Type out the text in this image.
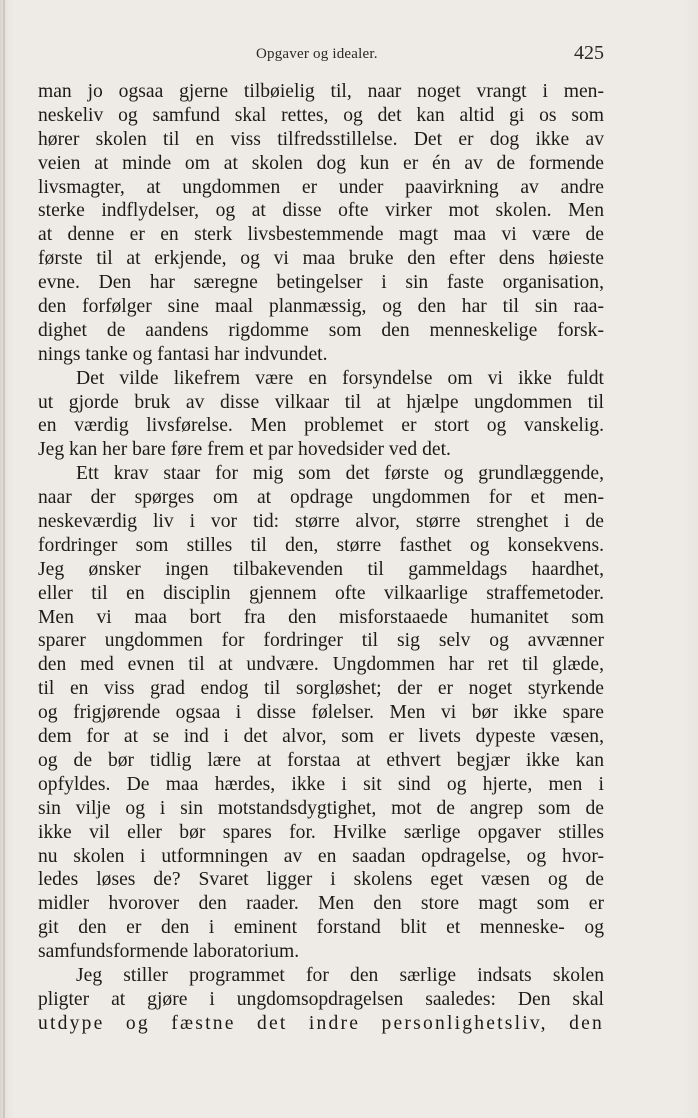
Opgaver og idealer.	425
man jo ogsaa gjerne tilbøielig til, naar noget vrangt i men-
neskeliv og samfund skal rettes, og det kan altid gi os som
hører skolen til en viss tilfredsstillelse. Det er dog ikke av
veien at minde om at skolen dog kun er én av de formende
livsmagter, at ungdommen er under paavirkning av andre
sterke indflydelser, og at disse ofte virker mot skolen. Men
at denne er en sterk livsbestemmende magt maa vi være de
første til at erkjende, og vi maa bruke den efter dens høieste
evne. Den har særegne betingelser i sin faste organisation,
den forfølger sine maal planmæssig, og den har til sin raa-
dighet de aandens rigdomme som den menneskelige forsk-
nings tanke og fantasi har indvundet.
Det vilde likefrem være en forsyndelse om vi ikke fuldt
ut gjorde bruk av disse vilkaar til at hjælpe ungdommen til
en værdig livsførelse. Men problemet er stort og vanskelig.
Jeg kan her bare føre frem et par hovedsider ved det.
Ett krav staar for mig som det første og grundlæggende,
naar der spørges om at opdrage ungdommen for et men-
neskeværdig liv i vor tid: større alvor, større strenghet i de
fordringer som stilles til den, større fasthet og konsekvens.
Jeg ønsker ingen tilbakevenden til gammeldags haardhet,
eller til en disciplin gjennem ofte vilkaarlige straffemetoder.
Men vi maa bort fra den misforstaaede humanitet som
sparer ungdommen for fordringer til sig selv og avvænner
den med evnen til at undvære. Ungdommen har ret til glæde,
til en viss grad endog til sorgløshet; der er noget styrkende
og frigjørende ogsaa i disse følelser. Men vi bør ikke spare
dem for at se ind i det alvor, som er livets dypeste væsen,
og de bør tidlig lære at forstaa at ethvert begjær ikke kan
opfyldes. De maa hærdes, ikke i sit sind og hjerte, men i
sin vilje og i sin motstandsdygtighet, mot de angrep som de
ikke vil eller bør spares for. Hvilke særlige opgaver stilles
nu skolen i utformningen av en saadan opdragelse, og hvor-
ledes løses de? Svaret ligger i skolens eget væsen og de
midler hvorover den raader. Men den store magt som er
git den er den i eminent forstand blit et menneske- og
samfundsformende laboratorium.
Jeg stiller programmet for den særlige indsats skolen
pligter at gjøre i ungdomsopdragelsen saaledes: Den skal
utdype og fæstne det indre personlighetsliv, den
